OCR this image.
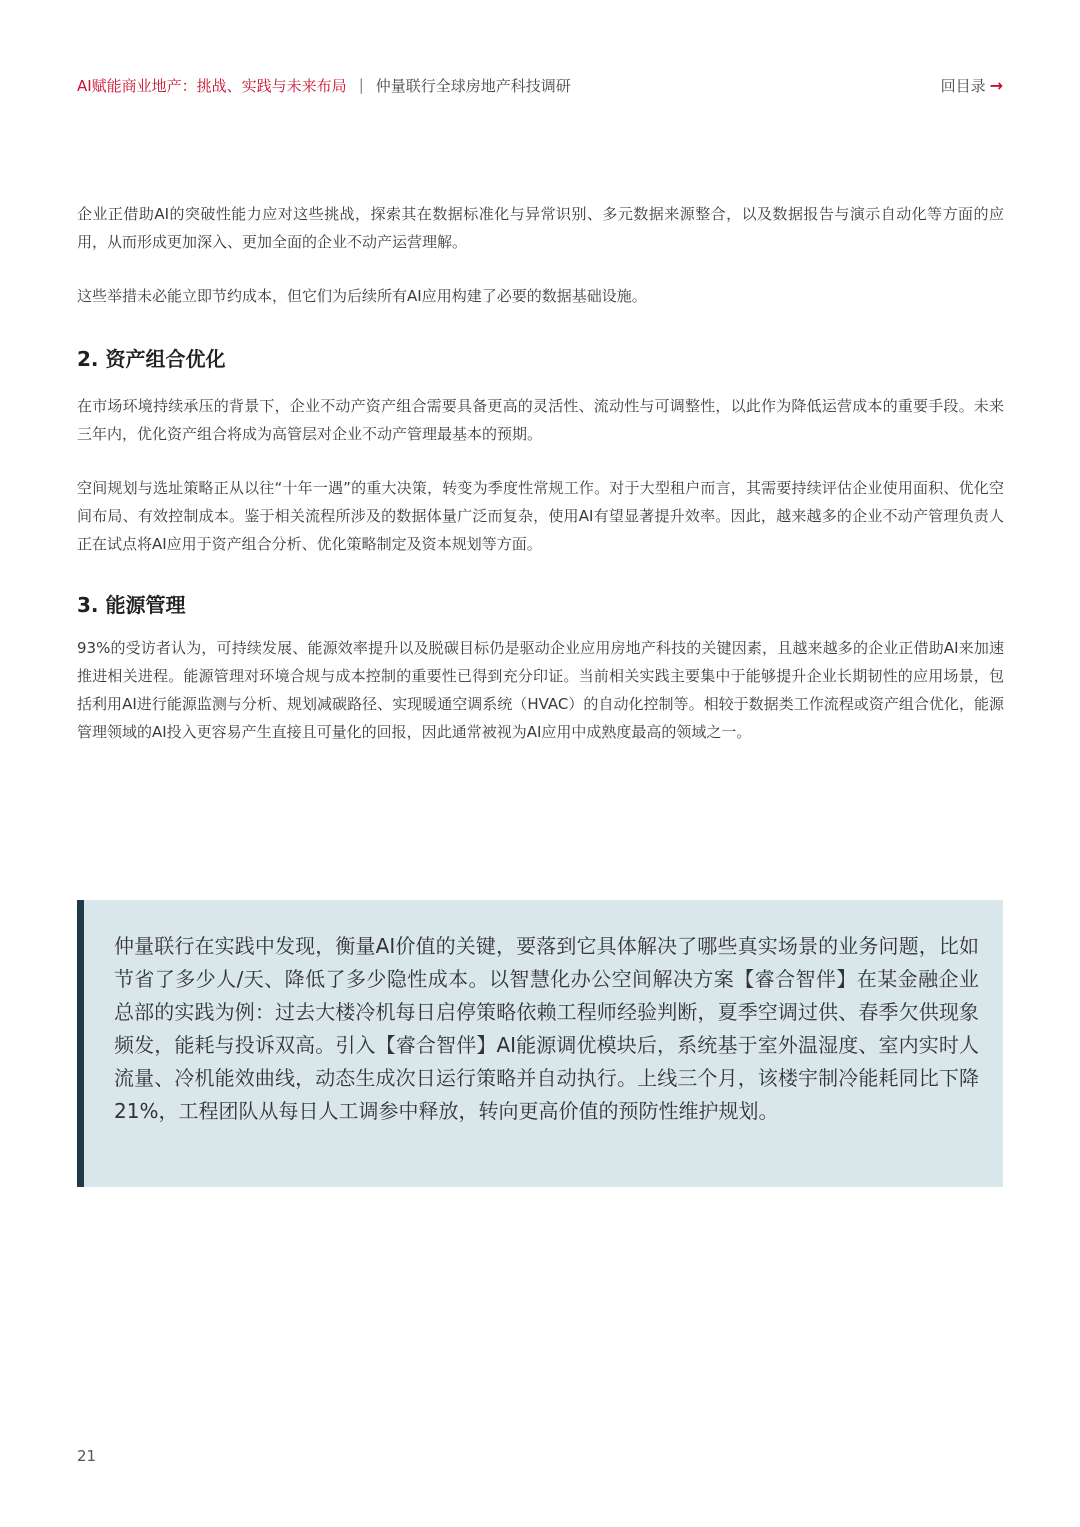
AI赋能商业地产：挑战、实践与未来布局 | 仲量联行全球房地产科技调研	回目录 →

企业正借助AI的突破性能力应对这些挑战，探索其在数据标准化与异常识别、多元数据来源整合，以及数据报告与演示自动化等方面的应用，从而形成更加深入、更加全面的企业不动产运营理解。

这些举措未必能立即节约成本，但它们为后续所有AI应用构建了必要的数据基础设施。

2. 资产组合优化

在市场环境持续承压的背景下，企业不动产资产组合需要具备更高的灵活性、流动性与可调整性，以此作为降低运营成本的重要手段。未来三年内，优化资产组合将成为高管层对企业不动产管理最基本的预期。

空间规划与选址策略正从以往“十年一遇”的重大决策，转变为季度性常规工作。对于大型租户而言，其需要持续评估企业使用面积、优化空间布局、有效控制成本。鉴于相关流程所涉及的数据体量广泛而复杂，使用AI有望显著提升效率。因此，越来越多的企业不动产管理负责人正在试点将AI应用于资产组合分析、优化策略制定及资本规划等方面。

3. 能源管理

93%的受访者认为，可持续发展、能源效率提升以及脱碳目标仍是驱动企业应用房地产科技的关键因素，且越来越多的企业正借助AI来加速推进相关进程。能源管理对环境合规与成本控制的重要性已得到充分印证。当前相关实践主要集中于能够提升企业长期韧性的应用场景，包括利用AI进行能源监测与分析、规划减碳路径、实现暖通空调系统（HVAC）的自动化控制等。相较于数据类工作流程或资产组合优化，能源管理领域的AI投入更容易产生直接且可量化的回报，因此通常被视为AI应用中成熟度最高的领域之一。

仲量联行在实践中发现，衡量AI价值的关键，要落到它具体解决了哪些真实场景的业务问题，比如节省了多少人/天、降低了多少隐性成本。以智慧化办公空间解决方案【睿合智伴】在某金融企业总部的实践为例：过去大楼冷机每日启停策略依赖工程师经验判断，夏季空调过供、春季欠供现象频发，能耗与投诉双高。引入【睿合智伴】AI能源调优模块后，系统基于室外温湿度、室内实时人流量、冷机能效曲线，动态生成次日运行策略并自动执行。上线三个月，该楼宇制冷能耗同比下降21%，工程团队从每日人工调参中释放，转向更高价值的预防性维护规划。

21
